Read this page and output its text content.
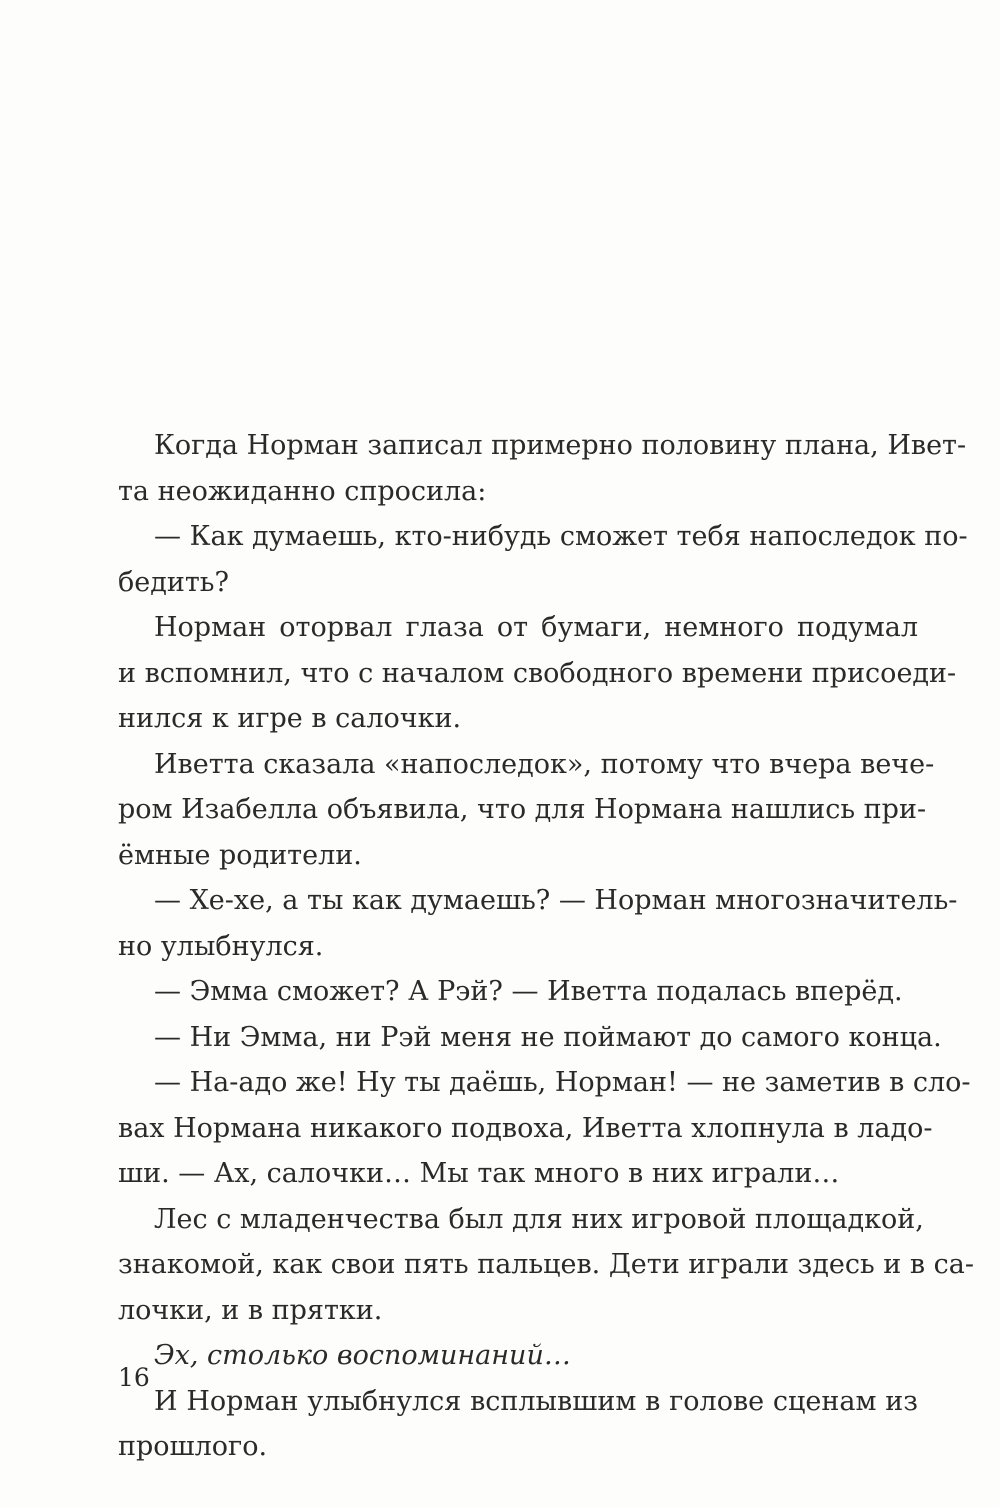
Когда Норман записал примерно половину плана, Ивет-
та неожиданно спросила:
— Как думаешь, кто-нибудь сможет тебя напоследок по-
бедить?
Норман оторвал глаза от бумаги, немного подумал
и вспомнил, что с началом свободного времени присоеди-
нился к игре в салочки.
Иветта сказала «напоследок», потому что вчера вече-
ром Изабелла объявила, что для Нормана нашлись при-
ёмные родители.
— Хе-хе, а ты как думаешь? — Норман многозначитель-
но улыбнулся.
— Эмма сможет? А Рэй? — Иветта подалась вперёд.
— Ни Эмма, ни Рэй меня не поймают до самого конца.
— На-адо же! Ну ты даёшь, Норман! — не заметив в сло-
вах Нормана никакого подвоха, Иветта хлопнула в ладо-
ши. — Ах, салочки… Мы так много в них играли…
Лес с младенчества был для них игровой площадкой,
знакомой, как свои пять пальцев. Дети играли здесь и в са-
лочки, и в прятки.
Эх, столько воспоминаний…
И Норман улыбнулся всплывшим в голове сценам из
прошлого.
16
